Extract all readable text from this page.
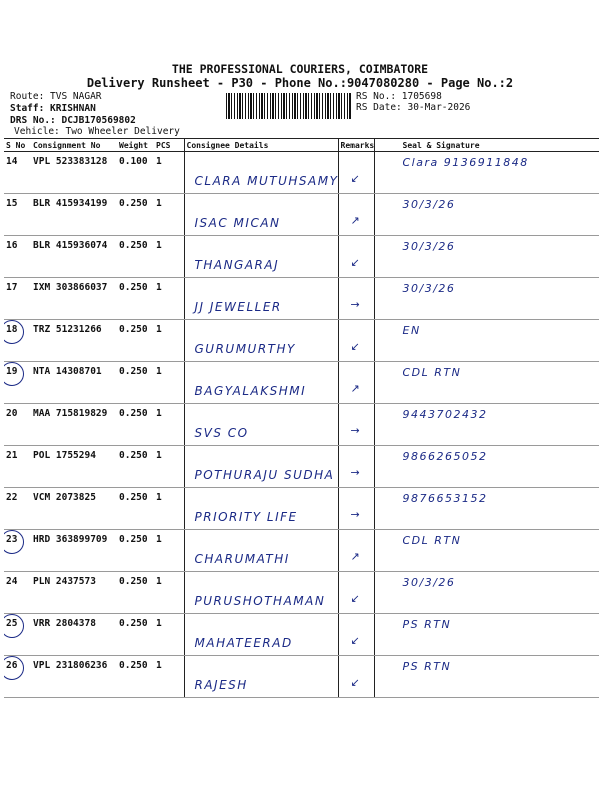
THE PROFESSIONAL COURIERS, COIMBATORE
Delivery Runsheet - P30 - Phone No.:9047080280 - Page No.:2
Route: TVS NAGAR
Staff: KRISHNAN
DRS No.: DCJB170569802
Vehicle: Two Wheeler Delivery
RS No.: 1705698
RS Date: 30-Mar-2026
S No	Consignment No	Weight	PCS	Consignee Details	Remarks	Seal & Signature
14	VPL 523383128	0.100	1	CLARA MUTUHSAMY	↙	Clara 9136911848

15	BLR 415934199	0.250	1	ISAC MICAN	↗	30/3/26

16	BLR 415936074	0.250	1	THANGARAJ	↙	30/3/26

17	IXM 303866037	0.250	1	JJ JEWELLER	→	30/3/26

18	TRZ 51231266	0.250	1	GURUMURTHY	↙	EN

19	NTA 14308701	0.250	1	BAGYALAKSHMI	↗	CDL RTN

20	MAA 715819829	0.250	1	SVS CO	→	9443702432

21	POL 1755294	0.250	1	POTHURAJU SUDHA	→	9866265052

22	VCM 2073825	0.250	1	PRIORITY LIFE	→	9876653152

23	HRD 363899709	0.250	1	CHARUMATHI	↗	CDL RTN

24	PLN 2437573	0.250	1	PURUSHOTHAMAN	↙	30/3/26

25	VRR 2804378	0.250	1	MAHATEERAD	↙	PS RTN

26	VPL 231806236	0.250	1	RAJESH	↙	PS RTN
